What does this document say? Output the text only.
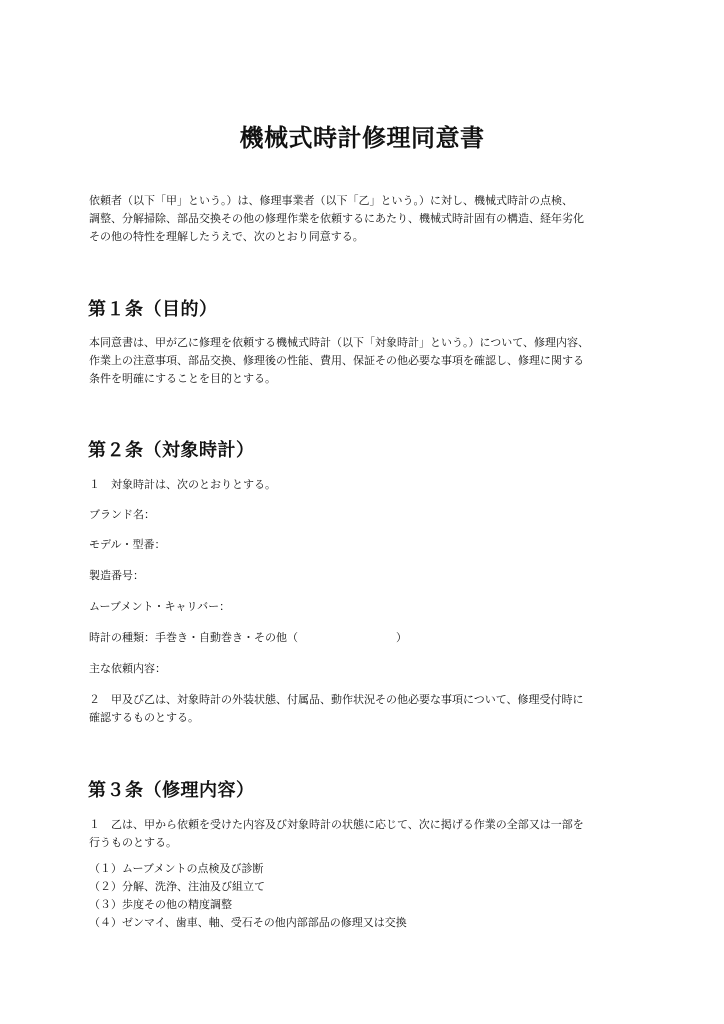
機械式時計修理同意書
依頼者（以下「甲」という。）は、修理事業者（以下「乙」という。）に対し、機械式時計の点検、
調整、分解掃除、部品交換その他の修理作業を依頼するにあたり、機械式時計固有の構造、経年劣化
その他の特性を理解したうえで、次のとおり同意する。
第１条（目的）
本同意書は、甲が乙に修理を依頼する機械式時計（以下「対象時計」という。）について、修理内容、
作業上の注意事項、部品交換、修理後の性能、費用、保証その他必要な事項を確認し、修理に関する
条件を明確にすることを目的とする。
第２条（対象時計）
１　対象時計は、次のとおりとする。
ブランド名：
モデル・型番：
製造番号：
ムーブメント・キャリバー：
時計の種類：手巻き・自動巻き・その他（	）
主な依頼内容：
２　甲及び乙は、対象時計の外装状態、付属品、動作状況その他必要な事項について、修理受付時に
確認するものとする。
第３条（修理内容）
１　乙は、甲から依頼を受けた内容及び対象時計の状態に応じて、次に掲げる作業の全部又は一部を
行うものとする。
（１）ムーブメントの点検及び診断
（２）分解、洗浄、注油及び組立て
（３）歩度その他の精度調整
（４）ゼンマイ、歯車、軸、受石その他内部部品の修理又は交換
